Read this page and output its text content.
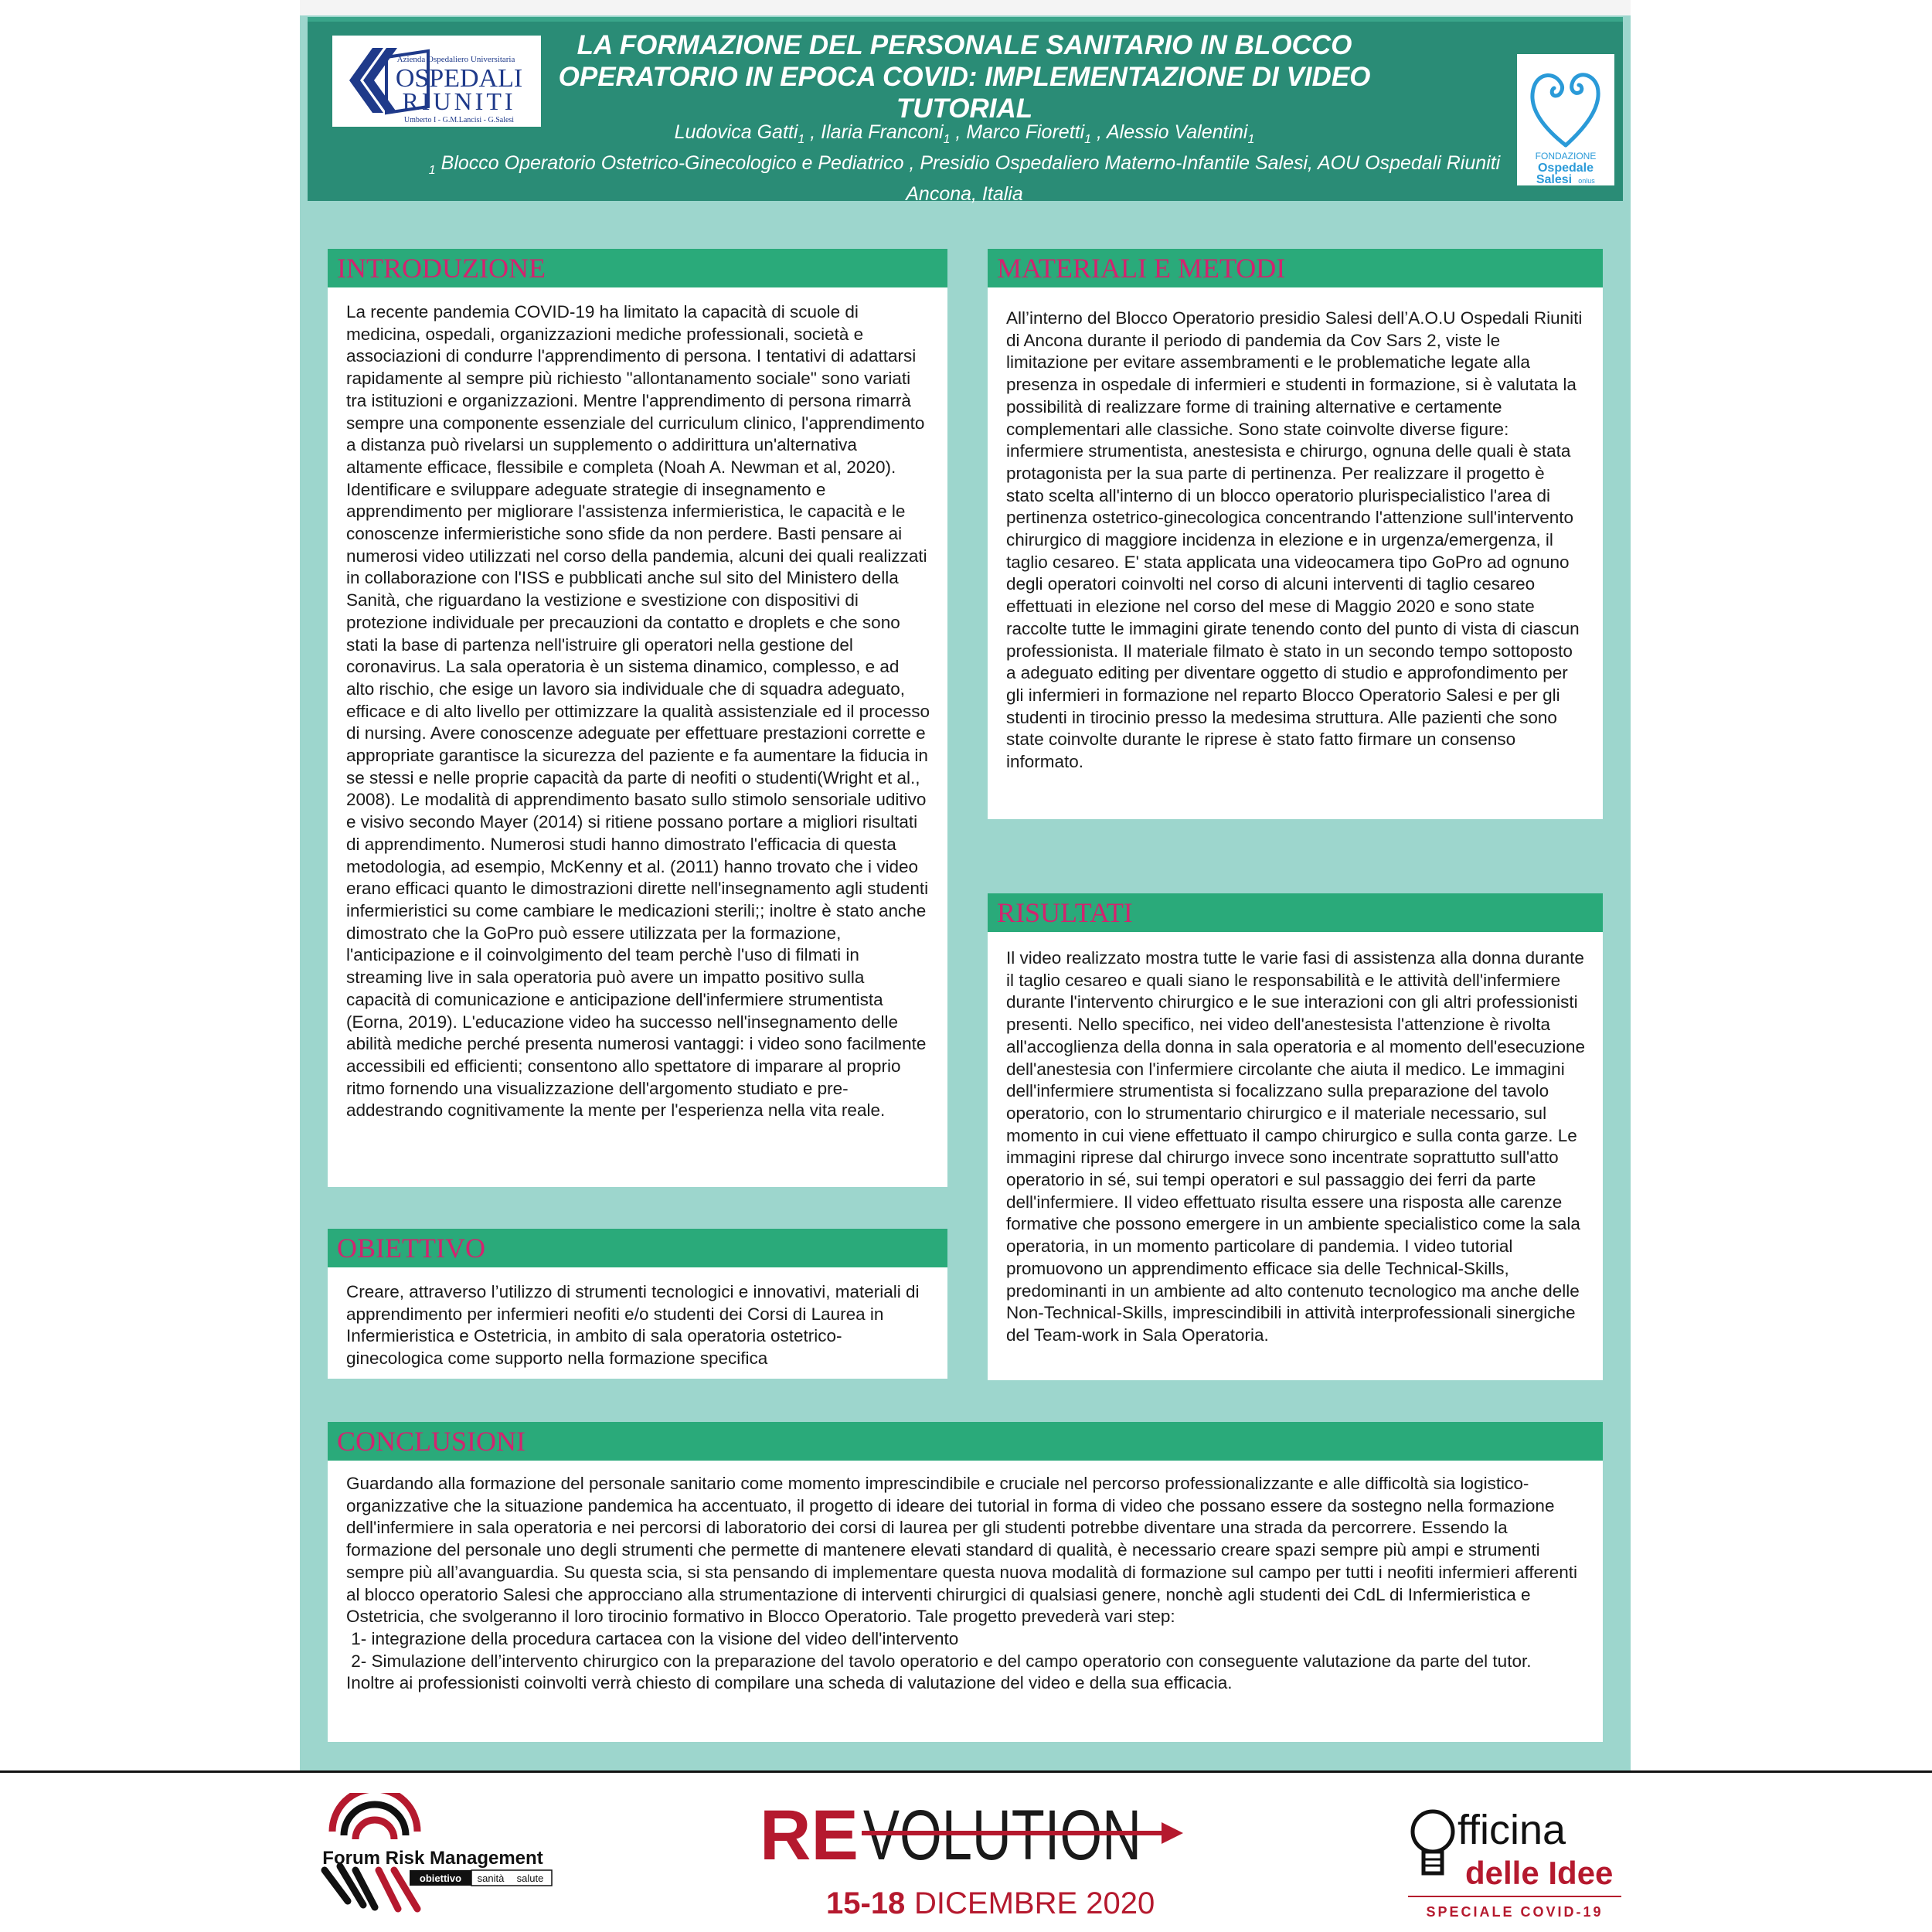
Azienda Ospedaliero Universitaria
OSPEDALI
RIUNITI
Umberto I - G.M.Lancisi - G.Salesi
LA FORMAZIONE DEL PERSONALE SANITARIO IN BLOCCO OPERATORIO IN EPOCA COVID: IMPLEMENTAZIONE DI VIDEO TUTORIAL
Ludovica Gatti$_1$ , Ilaria Franconi$_1$ , Marco Fioretti$_1$ , Alessio Valentini$_1$
$_1$ Blocco Operatorio Ostetrico-Ginecologico e Pediatrico , Presidio Ospedaliero Materno-Infantile Salesi, AOU Ospedali Riuniti Ancona, Italia
FONDAZIONE
Ospedale
Salesi onlus
INTRODUZIONE

La recente pandemia COVID-19 ha limitato la capacità di scuole di medicina, ospedali, organizzazioni mediche professionali, società e associazioni di condurre l'apprendimento di persona. I tentativi di adattarsi rapidamente al sempre più richiesto "allontanamento sociale" sono variati tra istituzioni e organizzazioni. Mentre l'apprendimento di persona rimarrà sempre una componente essenziale del curriculum clinico, l'apprendimento a distanza può rivelarsi un supplemento o addirittura un'alternativa altamente efficace, flessibile e completa (Noah A. Newman et al, 2020). Identificare e sviluppare adeguate strategie di insegnamento e apprendimento per migliorare l'assistenza infermieristica, le capacità e le conoscenze infermieristiche sono sfide da non perdere. Basti pensare ai numerosi video utilizzati nel corso della pandemia, alcuni dei quali realizzati in collaborazione con l'ISS e pubblicati anche sul sito del Ministero della Sanità, che riguardano la vestizione e svestizione con dispositivi di protezione individuale per precauzioni da contatto e droplets e che sono stati la base di partenza nell'istruire gli operatori nella gestione del coronavirus. La sala operatoria è un sistema dinamico, complesso, e ad alto rischio, che esige un lavoro sia individuale che di squadra adeguato, efficace e di alto livello per ottimizzare la qualità assistenziale ed il processo di nursing. Avere conoscenze adeguate per effettuare prestazioni corrette e appropriate garantisce la sicurezza del paziente e fa aumentare la fiducia in se stessi e nelle proprie capacità da parte di neofiti o studenti(Wright et al., 2008). Le modalità di apprendimento basato sullo stimolo sensoriale uditivo e visivo secondo Mayer (2014) si ritiene possano portare a migliori risultati di apprendimento. Numerosi studi hanno dimostrato l'efficacia di questa metodologia, ad esempio, McKenny et al. (2011) hanno trovato che i video erano efficaci quanto le dimostrazioni dirette nell'insegnamento agli studenti infermieristici su come cambiare le medicazioni sterili;; inoltre è stato anche dimostrato che la GoPro può essere utilizzata per la formazione, l'anticipazione e il coinvolgimento del team perchè l'uso di filmati in streaming live in sala operatoria può avere un impatto positivo sulla capacità di comunicazione e anticipazione dell'infermiere strumentista (Eorna, 2019). L'educazione video ha successo nell'insegnamento delle abilità mediche perché presenta numerosi vantaggi: i video sono facilmente accessibili ed efficienti; consentono allo spettatore di imparare al proprio ritmo fornendo una visualizzazione dell'argomento studiato e pre-addestrando cognitivamente la mente per l'esperienza nella vita reale.

OBIETTIVO

Creare, attraverso l’utilizzo di strumenti tecnologici e innovativi, materiali di apprendimento per infermieri neofiti e/o studenti dei Corsi di Laurea in Infermieristica e Ostetricia, in ambito di sala operatoria ostetrico-ginecologica come supporto nella formazione specifica

MATERIALI E METODI

All’interno del Blocco Operatorio presidio Salesi dell’A.O.U Ospedali Riuniti di Ancona durante il periodo di pandemia da Cov Sars 2, viste le limitazione per evitare assembramenti e le problematiche legate alla presenza in ospedale di infermieri e studenti in formazione, si è valutata la possibilità di realizzare forme di training alternative e certamente complementari alle classiche. Sono state coinvolte diverse figure: infermiere strumentista, anestesista e chirurgo, ognuna delle quali è stata protagonista per la sua parte di pertinenza. Per realizzare il progetto è stato scelta all'interno di un blocco operatorio plurispecialistico l'area di pertinenza ostetrico-ginecologica concentrando l'attenzione sull'intervento chirurgico di maggiore incidenza in elezione e in urgenza/emergenza, il taglio cesareo. E' stata applicata una videocamera tipo GoPro ad ognuno degli operatori coinvolti nel corso di alcuni interventi di taglio cesareo effettuati in elezione nel corso del mese di Maggio 2020 e sono state raccolte tutte le immagini girate tenendo conto del punto di vista di ciascun professionista. Il materiale filmato è stato in un secondo tempo sottoposto a adeguato editing per diventare oggetto di studio e approfondimento per gli infermieri in formazione nel reparto Blocco Operatorio Salesi e per gli studenti in tirocinio presso la medesima struttura. Alle pazienti che sono state coinvolte durante le riprese è stato fatto firmare un consenso informato.

RISULTATI

Il video realizzato mostra tutte le varie fasi di assistenza alla donna durante il taglio cesareo e quali siano le responsabilità e le attività dell'infermiere durante l'intervento chirurgico e le sue interazioni con gli altri professionisti presenti. Nello specifico, nei video dell'anestesista l'attenzione è rivolta all'accoglienza della donna in sala operatoria e al momento dell'esecuzione dell'anestesia con l'infermiere circolante che aiuta il medico. Le immagini dell'infermiere strumentista si focalizzano sulla preparazione del tavolo operatorio, con lo strumentario chirurgico e il materiale necessario, sul momento in cui viene effettuato il campo chirurgico e sulla conta garze. Le immagini riprese dal chirurgo invece sono incentrate soprattutto sull'atto operatorio in sé, sui tempi operatori e sul passaggio dei ferri da parte dell'infermiere. Il video effettuato risulta essere una risposta alle carenze formative che possono emergere in un ambiente specialistico come la sala operatoria, in un momento particolare di pandemia. I video tutorial promuovono un apprendimento efficace sia delle Technical-Skills, predominanti in un ambiente ad alto contenuto tecnologico ma anche delle Non-Technical-Skills, imprescindibili in attività interprofessionali sinergiche del Team-work in Sala Operatoria.

CONCLUSIONI

Guardando alla formazione del personale sanitario come momento imprescindibile e cruciale nel percorso professionalizzante e alle difficoltà sia logistico-organizzative che la situazione pandemica ha accentuato, il progetto di ideare dei tutorial in forma di video che possano essere da sostegno nella formazione dell'infermiere in sala operatoria e nei percorsi di laboratorio dei corsi di laurea per gli studenti potrebbe diventare una strada da percorrere. Essendo la formazione del personale uno degli strumenti che permette di mantenere elevati standard di qualità, è necessario creare spazi sempre più ampi e strumenti sempre più all’avanguardia. Su questa scia, si sta pensando di implementare questa nuova modalità di formazione sul campo per tutti i neofiti infermieri afferenti al blocco operatorio Salesi che approcciano alla strumentazione di interventi chirurgici di qualsiasi genere, nonchè agli studenti dei CdL di Infermieristica e Ostetricia, che svolgeranno il loro tirocinio formativo in Blocco Operatorio. Tale progetto prevederà vari step:

1- integrazione della procedura cartacea con la visione del video dell'intervento

2- Simulazione dell’intervento chirurgico con la preparazione del tavolo operatorio e del campo operatorio con conseguente valutazione da parte del tutor.

Inoltre ai professionisti coinvolti verrà chiesto di compilare una scheda di valutazione del video e della sua efficacia.

Forum Risk Management
obiettivo sanità salute
RE VOLUTION
15-18 DICEMBRE 2020
O
fficina
delle Idee
SPECIALE COVID-19
